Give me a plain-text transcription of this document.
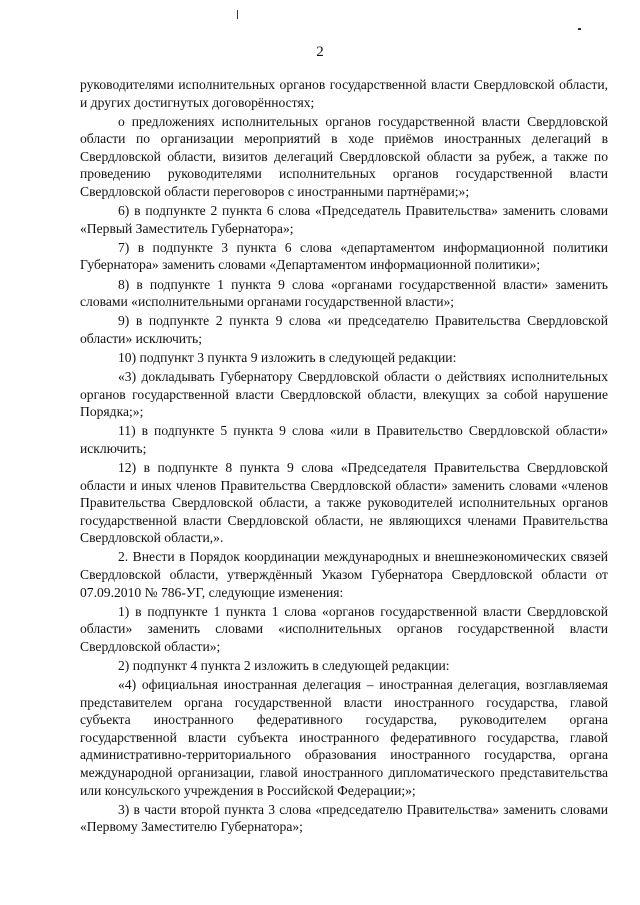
2

руководителями исполнительных органов государственной власти Свердловской области, и других достигнутых договорённостях;

о предложениях исполнительных органов государственной власти Свердловской области по организации мероприятий в ходе приёмов иностранных делегаций в Свердловской области, визитов делегаций Свердловской области за рубеж, а также по проведению руководителями исполнительных органов государственной власти Свердловской области переговоров с иностранными партнёрами;»;

6) в подпункте 2 пункта 6 слова «Председатель Правительства» заменить словами «Первый Заместитель Губернатора»;

7) в подпункте 3 пункта 6 слова «департаментом информационной политики Губернатора» заменить словами «Департаментом информационной политики»;

8) в подпункте 1 пункта 9 слова «органами государственной власти» заменить словами «исполнительными органами государственной власти»;

9) в подпункте 2 пункта 9 слова «и председателю Правительства Свердловской области» исключить;

10) подпункт 3 пункта 9 изложить в следующей редакции:

«3) докладывать Губернатору Свердловской области о действиях исполнительных органов государственной власти Свердловской области, влекущих за собой нарушение Порядка;»;

11) в подпункте 5 пункта 9 слова «или в Правительство Свердловской области» исключить;

12) в подпункте 8 пункта 9 слова «Председателя Правительства Свердловской области и иных членов Правительства Свердловской области» заменить словами «членов Правительства Свердловской области, а также руководителей исполнительных органов государственной власти Свердловской области, не являющихся членами Правительства Свердловской области,».

2. Внести в Порядок координации международных и внешнеэкономических связей Свердловской области, утверждённый Указом Губернатора Свердловской области от 07.09.2010 № 786-УГ, следующие изменения:

1) в подпункте 1 пункта 1 слова «органов государственной власти Свердловской области» заменить словами «исполнительных органов государственной власти Свердловской области»;

2) подпункт 4 пункта 2 изложить в следующей редакции:

«4) официальная иностранная делегация – иностранная делегация, возглавляемая представителем органа государственной власти иностранного государства, главой субъекта иностранного федеративного государства, руководителем органа государственной власти субъекта иностранного федеративного государства, главой административно-территориального образования иностранного государства, органа международной организации, главой иностранного дипломатического представительства или консульского учреждения в Российской Федерации;»;

3) в части второй пункта 3 слова «председателю Правительства» заменить словами «Первому Заместителю Губернатора»;
